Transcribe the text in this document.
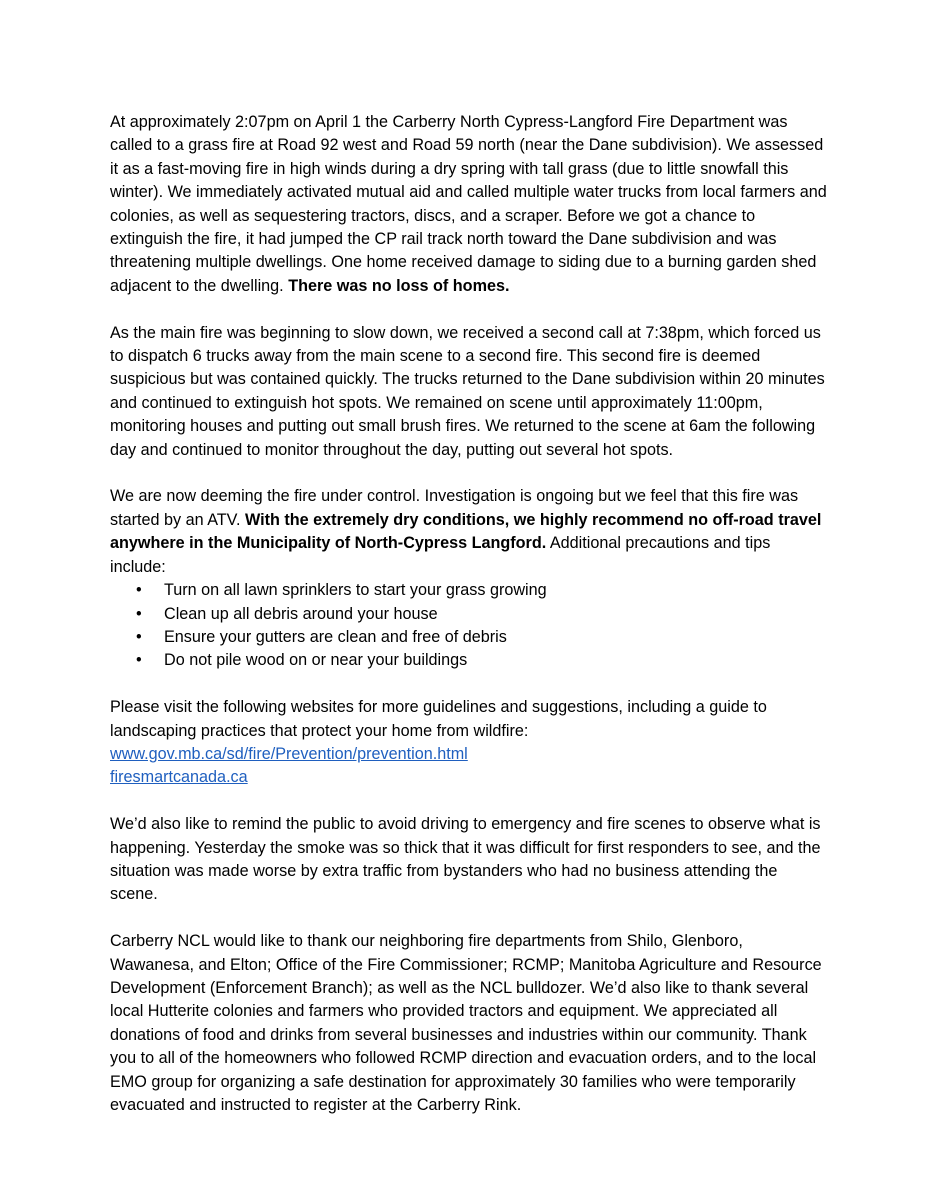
At approximately 2:07pm on April 1 the Carberry North Cypress-Langford Fire Department was called to a grass fire at Road 92 west and Road 59 north (near the Dane subdivision). We assessed it as a fast-moving fire in high winds during a dry spring with tall grass (due to little snowfall this winter). We immediately activated mutual aid and called multiple water trucks from local farmers and colonies, as well as sequestering tractors, discs, and a scraper. Before we got a chance to extinguish the fire, it had jumped the CP rail track north toward the Dane subdivision and was threatening multiple dwellings. One home received damage to siding due to a burning garden shed adjacent to the dwelling. There was no loss of homes.

As the main fire was beginning to slow down, we received a second call at 7:38pm, which forced us to dispatch 6 trucks away from the main scene to a second fire. This second fire is deemed suspicious but was contained quickly. The trucks returned to the Dane subdivision within 20 minutes and continued to extinguish hot spots. We remained on scene until approximately 11:00pm, monitoring houses and putting out small brush fires. We returned to the scene at 6am the following day and continued to monitor throughout the day, putting out several hot spots.

We are now deeming the fire under control. Investigation is ongoing but we feel that this fire was started by an ATV. With the extremely dry conditions, we highly recommend no off-road travel anywhere in the Municipality of North-Cypress Langford. Additional precautions and tips include:

• Turn on all lawn sprinklers to start your grass growing
• Clean up all debris around your house
• Ensure your gutters are clean and free of debris
• Do not pile wood on or near your buildings
Please visit the following websites for more guidelines and suggestions, including a guide to landscaping practices that protect your home from wildfire:
www.gov.mb.ca/sd/fire/Prevention/prevention.html
firesmartcanada.ca

We’d also like to remind the public to avoid driving to emergency and fire scenes to observe what is happening. Yesterday the smoke was so thick that it was difficult for first responders to see, and the situation was made worse by extra traffic from bystanders who had no business attending the scene.

Carberry NCL would like to thank our neighboring fire departments from Shilo, Glenboro, Wawanesa, and Elton; Office of the Fire Commissioner; RCMP; Manitoba Agriculture and Resource Development (Enforcement Branch); as well as the NCL bulldozer. We’d also like to thank several local Hutterite colonies and farmers who provided tractors and equipment. We appreciated all donations of food and drinks from several businesses and industries within our community. Thank you to all of the homeowners who followed RCMP direction and evacuation orders, and to the local EMO group for organizing a safe destination for approximately 30 families who were temporarily evacuated and instructed to register at the Carberry Rink.
